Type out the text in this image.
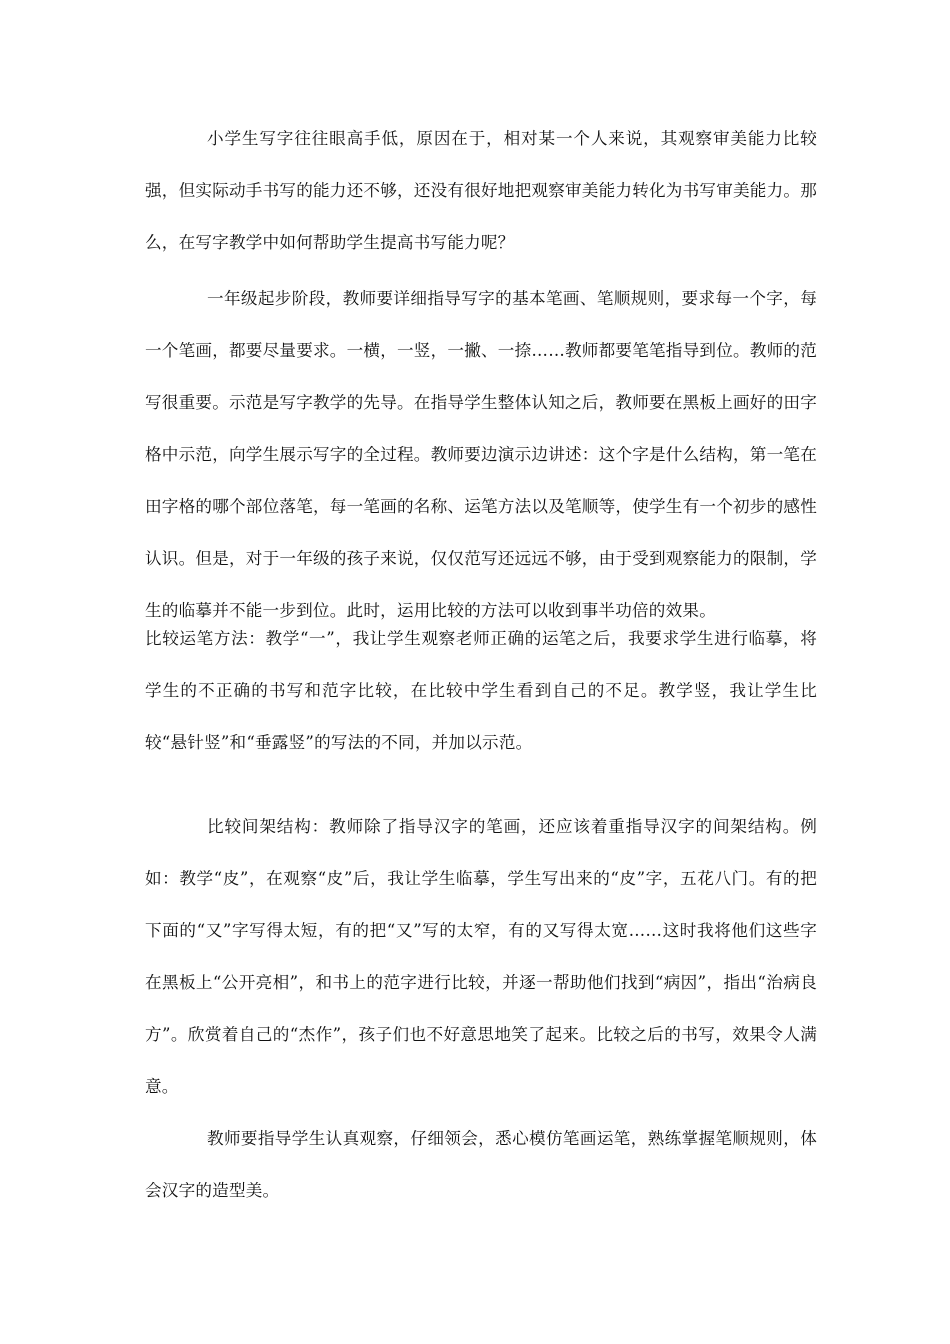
小学生写字往往眼高手低，原因在于，相对某一个人来说，其观察审美能力比较强，但实际动手书写的能力还不够，还没有很好地把观察审美能力转化为书写审美能力。那么，在写字教学中如何帮助学生提高书写能力呢？

一年级起步阶段，教师要详细指导写字的基本笔画、笔顺规则，要求每一个字，每一个笔画，都要尽量要求。一横，一竖，一撇、一捺……教师都要笔笔指导到位。教师的范写很重要。示范是写字教学的先导。在指导学生整体认知之后，教师要在黑板上画好的田字格中示范，向学生展示写字的全过程。教师要边演示边讲述：这个字是什么结构，第一笔在田字格的哪个部位落笔，每一笔画的名称、运笔方法以及笔顺等，使学生有一个初步的感性认识。但是，对于一年级的孩子来说，仅仅范写还远远不够，由于受到观察能力的限制，学生的临摹并不能一步到位。此时，运用比较的方法可以收到事半功倍的效果。

比较运笔方法：教学“一”，我让学生观察老师正确的运笔之后，我要求学生进行临摹，将学生的不正确的书写和范字比较，在比较中学生看到自己的不足。教学竖，我让学生比较“悬针竖”和“垂露竖”的写法的不同，并加以示范。

比较间架结构：教师除了指导汉字的笔画，还应该着重指导汉字的间架结构。例如：教学“皮”，在观察“皮”后，我让学生临摹，学生写出来的“皮”字，五花八门。有的把下面的“又”字写得太短，有的把“又”写的太窄，有的又写得太宽……这时我将他们这些字在黑板上“公开亮相”，和书上的范字进行比较，并逐一帮助他们找到“病因”，指出“治病良方”。欣赏着自己的“杰作”，孩子们也不好意思地笑了起来。比较之后的书写，效果令人满意。

教师要指导学生认真观察，仔细领会，悉心模仿笔画运笔，熟练掌握笔顺规则，体会汉字的造型美。
